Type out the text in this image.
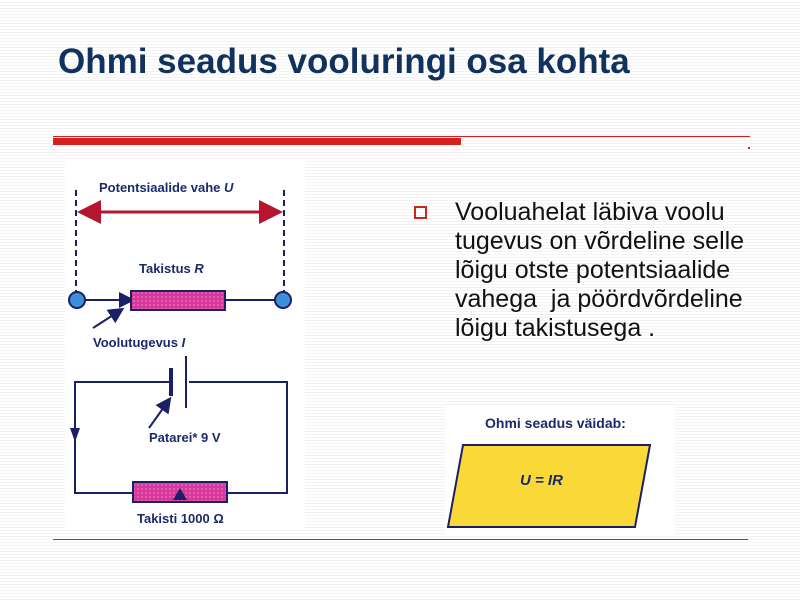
Ohmi seadus vooluringi osa kohta
Potentsiaalide vahe U
Takistus R
Voolutugevus I
Patarei* 9 V
Takisti 1000 Ω

Vooluahelat läbiva voolu tugevus on võrdeline selle lõigu otste potentsiaalide vahega  ja pöördvõrdeline lõigu takistusega .

Ohmi seadus väidab:
U = IR
